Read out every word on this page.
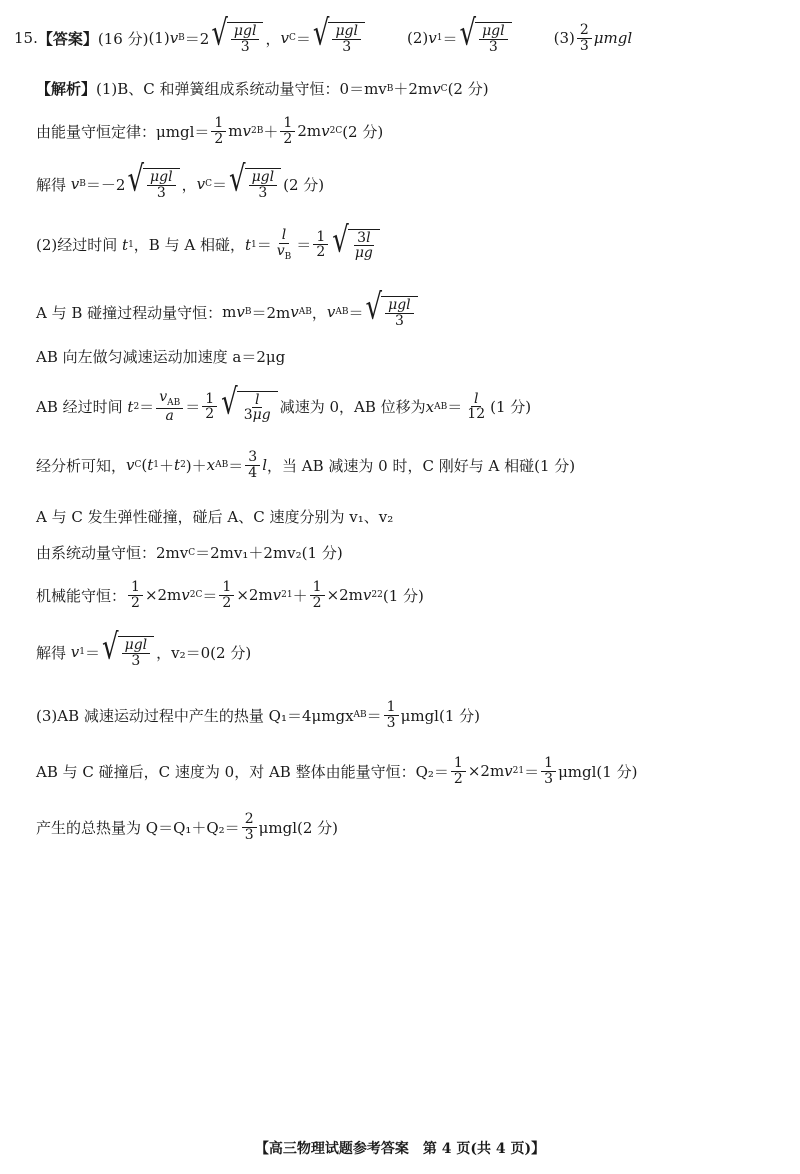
15. 【答案】 (16 分) (1) v B ＝2 √ $\frac{\text{μgl}}{3}$ ， v C ＝ √ $\frac{\text{μgl}}{3}$	(2) v 1 ＝ √ $\frac{\text{μgl}}{3}$	$(3) \frac{2}{3}$ μmgl
【解析】 (1)B、C 和弹簧组成系统动量守恒：0＝mv B ＋2m v C (2 分)
由能量守恒定律：$\mu mgl= \frac{1}{2}$ m v 2 $B + \frac{1}{2} 2m$ v 2 C (2 分)
解得
v B ＝－2 √ $\frac{\text{μgl}}{3}$ ， v C ＝ √ $\frac{\text{μgl}}{3} (2$ 分)
(2)经过时间
t 1 ，B 与 A 相碰， t $1 = \frac{l}{v_B} = \frac{1}{2}$ √ $\frac{3l}{\mu g}$
A 与 B 碰撞过程动量守恒： m v B ＝2m v AB ， v AB ＝ √ $\frac{\text{μgl}}{3}$
AB 向左做匀减速运动加速度 a＝2μg
AB 经过时间
t $2 = \frac{v_{AB}}{a} = \frac{1}{2}$ √ $\frac{l}{3\mu g}$ 减速为 0，AB 位移为 x AB ＝ $\frac{l}{12} (1$ 分)
经分析可知， v C ( t 1 ＋ t 2 )＋ x AB ＝ $\frac{3}{4}$ l ，当 AB 减速为 0 时，C 刚好与 A 相碰(1 分)
A 与 C 发生弹性碰撞，碰后 A、C 速度分别为 v₁、v₂
由系统动量守恒：2mv C ＝2mv₁＋2mv₂(1 分)
机械能守恒： $\frac{1}{2} \times 2m$ v 2 $C = \frac{1}{2} \times 2m$ v 2 $1 + \frac{1}{2} \times 2m$ v 2 2 (1 分)
解得
v 1 ＝ √ $\frac{\text{μgl}}{3}$ ，v₂＝0(2 分)
(3)AB 减速运动过程中产生的热量 Q₁＝4μmgx AB ＝ $\frac{1}{3} \mu mgl(1$ 分)
AB 与 C 碰撞后，C 速度为 0，对 AB 整体由能量守恒：$Q_2= \frac{1}{2} \times 2m$ v 2 $1 = \frac{1}{3} \mu mgl(1$ 分)
产生的总热量为 $Q=Q_1+Q_2= \frac{2}{3} \mu mgl(2$ 分)
【高三物理试题参考答案　第 4 页(共 4 页)】
